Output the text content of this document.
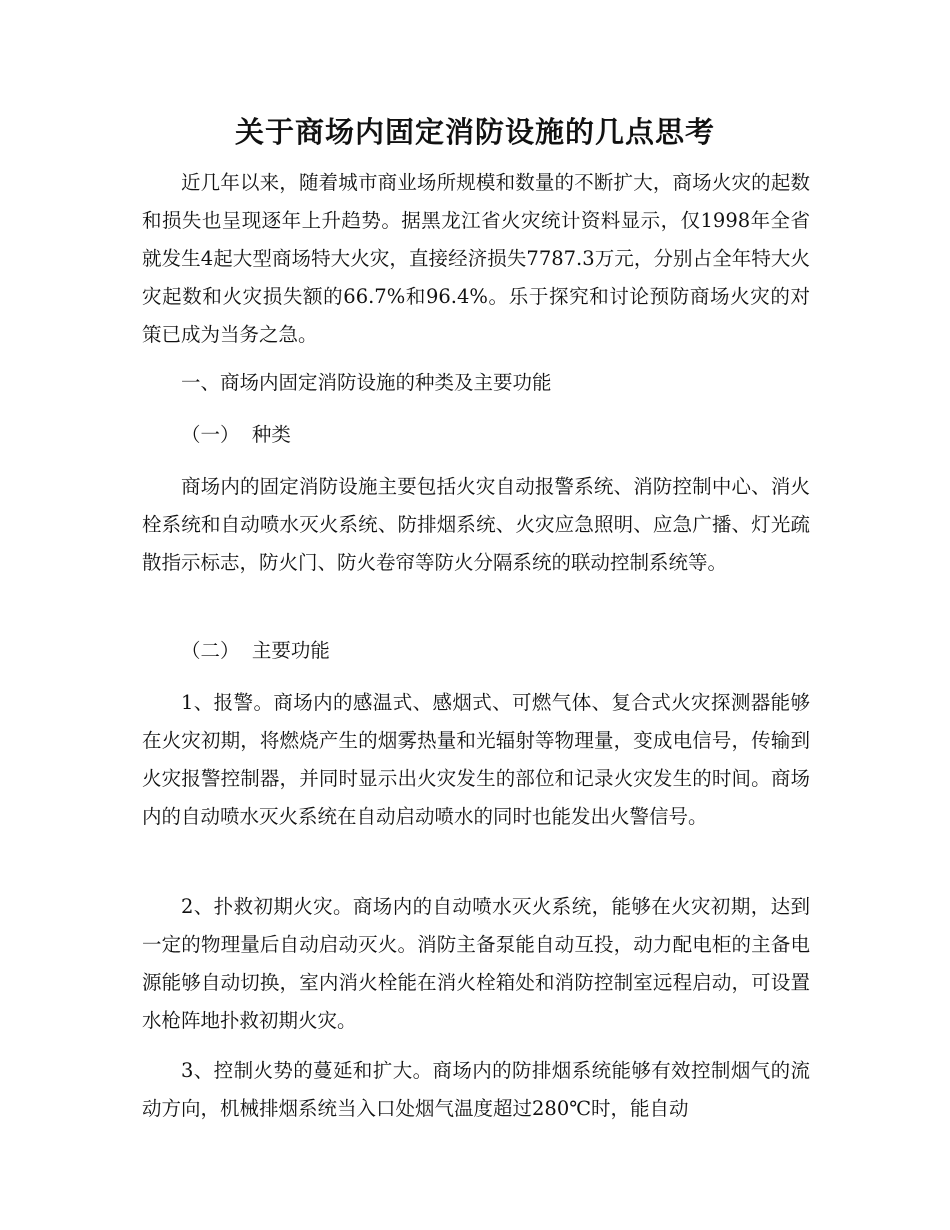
关于商场内固定消防设施的几点思考

近几年以来，随着城市商业场所规模和数量的不断扩大，商场火灾的起数和损失也呈现逐年上升趋势。据黑龙江省火灾统计资料显示，仅1998年全省就发生4起大型商场特大火灾，直接经济损失7787.3万元，分别占全年特大火灾起数和火灾损失额的66.7%和96.4%。乐于探究和讨论预防商场火灾的对策已成为当务之急。

一、商场内固定消防设施的种类及主要功能

（一）  种类

商场内的固定消防设施主要包括火灾自动报警系统、消防控制中心、消火栓系统和自动喷水灭火系统、防排烟系统、火灾应急照明、应急广播、灯光疏散指示标志，防火门、防火卷帘等防火分隔系统的联动控制系统等。

（二）  主要功能

1、报警。商场内的感温式、感烟式、可燃气体、复合式火灾探测器能够在火灾初期，将燃烧产生的烟雾热量和光辐射等物理量，变成电信号，传输到火灾报警控制器，并同时显示出火灾发生的部位和记录火灾发生的时间。商场内的自动喷水灭火系统在自动启动喷水的同时也能发出火警信号。

2、扑救初期火灾。商场内的自动喷水灭火系统，能够在火灾初期，达到一定的物理量后自动启动灭火。消防主备泵能自动互投，动力配电柜的主备电源能够自动切换，室内消火栓能在消火栓箱处和消防控制室远程启动，可设置水枪阵地扑救初期火灾。

3、控制火势的蔓延和扩大。商场内的防排烟系统能够有效控制烟气的流动方向，机械排烟系统当入口处烟气温度超过280℃时，能自动
